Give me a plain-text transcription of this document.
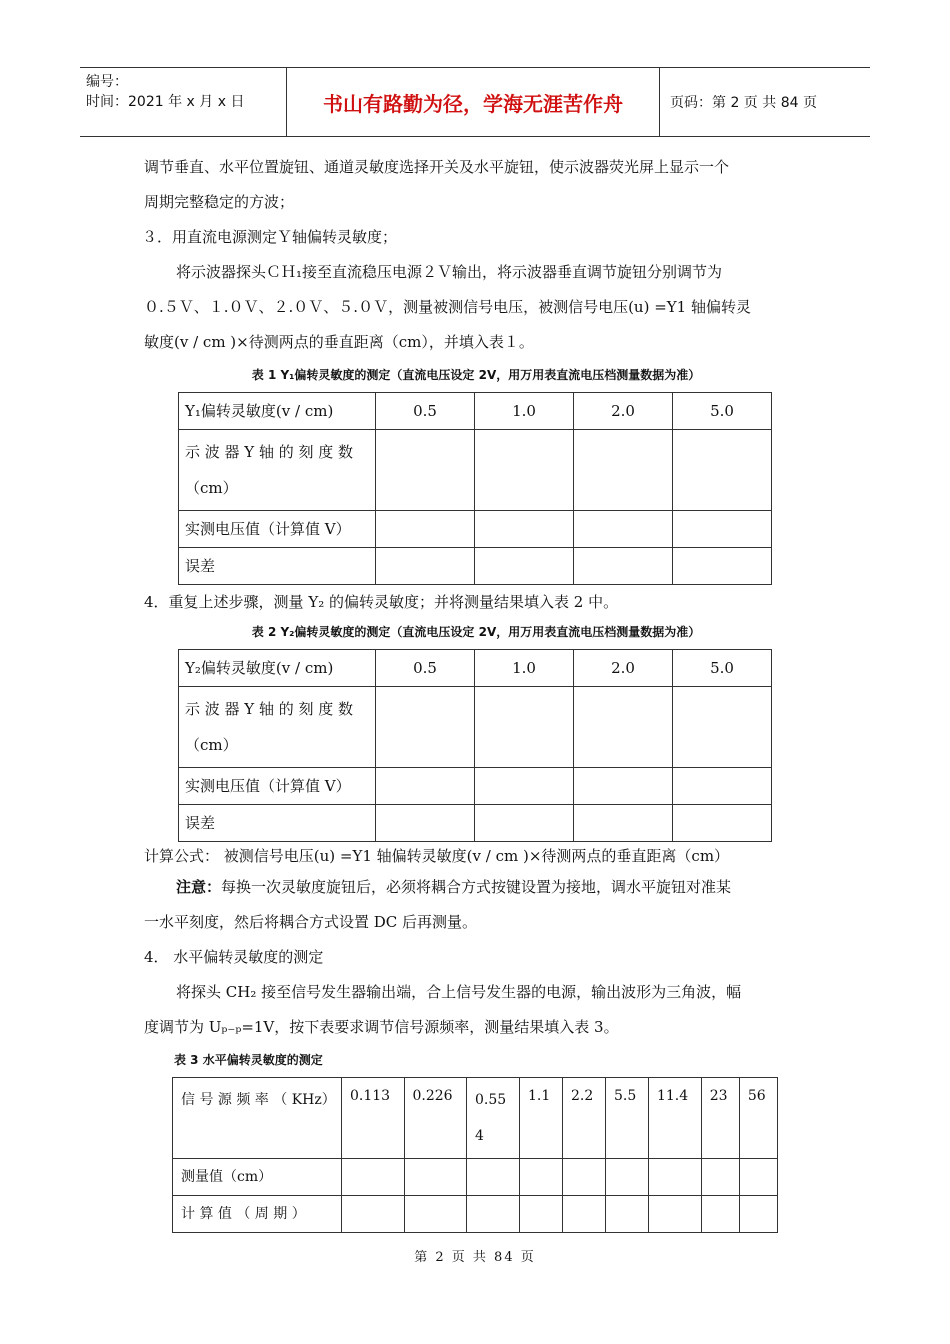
编号：
时间：2021 年 x 月 x 日	书山有路勤为径，学海无涯苦作舟	页码：第 2 页 共 84 页

调节垂直、水平位置旋钮、通道灵敏度选择开关及水平旋钮，使示波器荧光屏上显示一个

周期完整稳定的方波；

３．用直流电源测定Ｙ轴偏转灵敏度；

将示波器探头ＣＨ₁接至直流稳压电源２Ｖ输出，将示波器垂直调节旋钮分别调节为

０.５Ｖ、１.０Ｖ、２.０Ｖ、５.０Ｖ，测量被测信号电压，被测信号电压(u) =Y1 轴偏转灵

敏度(v / cm )×待测两点的垂直距离（cm），并填入表１。

表 1 Y₁偏转灵敏度的测定（直流电压设定 2V，用万用表直流电压档测量数据为准）
Y₁偏转灵敏度(v / cm)	0.5	1.0	2.0	5.0
示 波 器 Y 轴 的 刻 度 数（cm）				
实测电压值（计算值 V）				
误差				

4．重复上述步骤，测量 Y₂ 的偏转灵敏度；并将测量结果填入表 2 中。

表 2 Y₂偏转灵敏度的测定（直流电压设定 2V，用万用表直流电压档测量数据为准）
Y₂偏转灵敏度(v / cm)	0.5	1.0	2.0	5.0
示 波 器 Y 轴 的 刻 度 数（cm）				
实测电压值（计算值 V）				
误差				

计算公式： 被测信号电压(u) =Y1 轴偏转灵敏度(v / cm )×待测两点的垂直距离（cm）

注意：每换一次灵敏度旋钮后，必须将耦合方式按键设置为接地，调水平旋钮对准某

一水平刻度，然后将耦合方式设置 DC 后再测量。

4． 水平偏转灵敏度的测定

将探头 CH₂ 接至信号发生器输出端，合上信号发生器的电源，输出波形为三角波，幅

度调节为 Uₚ₋ₚ=1V，按下表要求调节信号源频率，测量结果填入表 3。

表 3 水平偏转灵敏度的测定
信 号 源 频 率 （ KHz）	0.113	0.226	0.554	1.1	2.2	5.5	11.4	23	56
测量值（cm）									
计 算 值 （ 周 期 ）									
第 2 页 共 84 页
